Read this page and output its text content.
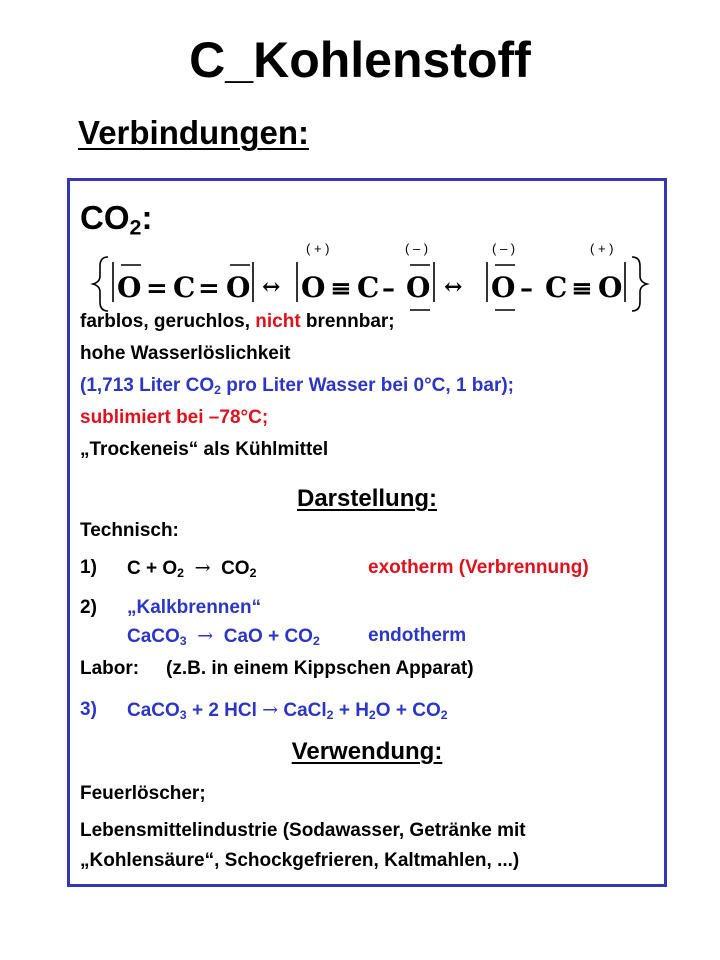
C_Kohlenstoff
Verbindungen:
$CO_2$:
( + )	( – )	( – )	( + )
O = C = O ↔ O ≡ C – O ↔ O – C ≡ O
farblos, geruchlos, nicht brennbar;
hohe Wasserlöslichkeit
(1,713 Liter $CO_2$ pro Liter Wasser bei 0°C, 1 bar);
sublimiert bei –78°C;
„Trockeneis“ als Kühlmittel
Darstellung:
Technisch:
1) $C + O_2 \to CO_2$	exotherm (Verbrennung)
2) „Kalkbrennen“
CaCO$_3$ → CaO + $CO_2$	endotherm
Labor: (z.B. in einem Kippschen Apparat)
3) CaCO$_3$ + 2 HCl → CaCl$_2$ + $H_2O + CO_2$
Verwendung:
Feuerlöscher;
Lebensmittelindustrie (Sodawasser, Getränke mit
„Kohlensäure“, Schockgefrieren, Kaltmahlen, ...)
